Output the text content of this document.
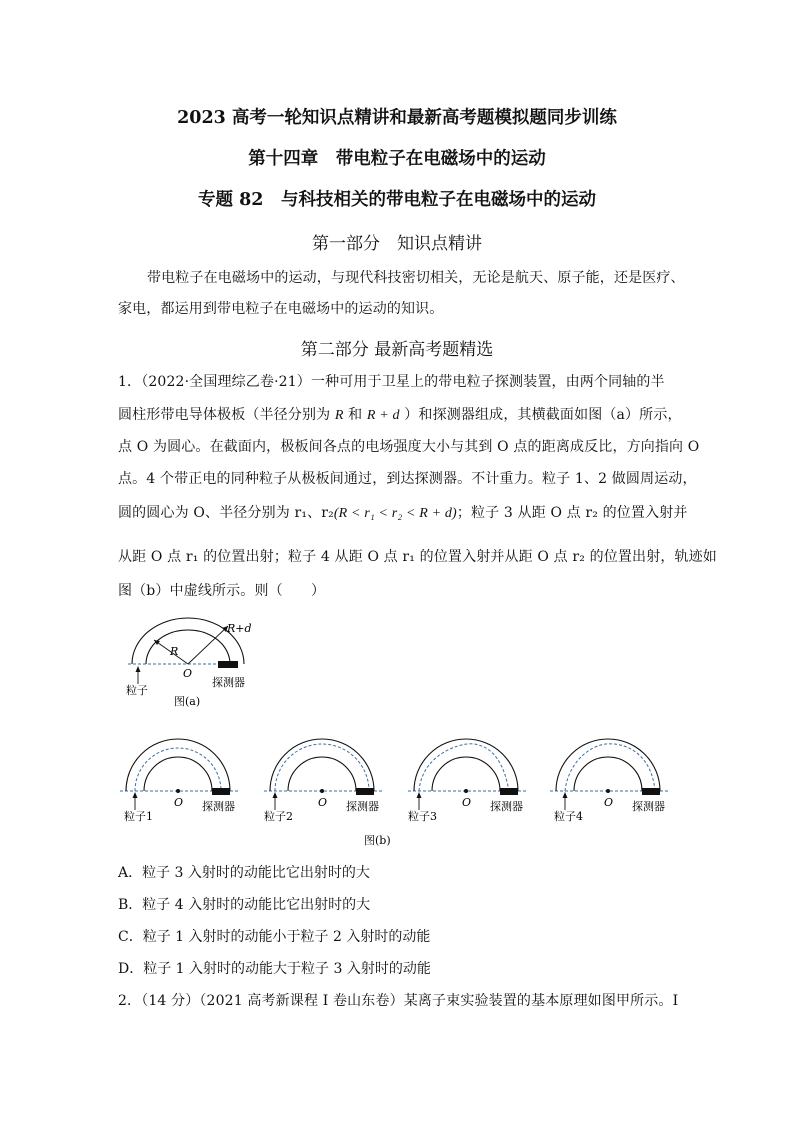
2023 高考一轮知识点精讲和最新高考题模拟题同步训练
第十四章　带电粒子在电磁场中的运动
专题 82　与科技相关的带电粒子在电磁场中的运动
第一部分　知识点精讲
带电粒子在电磁场中的运动，与现代科技密切相关，无论是航天、原子能，还是医疗、
家电，都运用到带电粒子在电磁场中的运动的知识。
第二部分 最新高考题精选
1．（2022·全国理综乙卷·21）一种可用于卫星上的带电粒子探测装置，由两个同轴的半
圆柱形带电导体极板（半径分别为 R 和 R + d ）和探测器组成，其横截面如图（a）所示，
点 O 为圆心。在截面内，极板间各点的电场强度大小与其到 O 点的距离成反比，方向指向 O
点。4 个带正电的同种粒子从极板间通过，到达探测器。不计重力。粒子 1、2 做圆周运动，
圆的圆心为 O、半径分别为 r₁、r₂(R < r₁ < r₂ < R + d)；粒子 3 从距 O 点 r₂ 的位置入射并
从距 O 点 r₁ 的位置出射；粒子 4 从距 O 点 r₁ 的位置入射并从距 O 点 r₂ 的位置出射，轨迹如
图（b）中虚线所示。则（　　）
R
R+d
O
粒子
探测器
图(a)
O
粒子1
探测器	O
粒子2
探测器	O
粒子3
探测器	O
粒子4
探测器
图(b)
A．粒子 3 入射时的动能比它出射时的大
B．粒子 4 入射时的动能比它出射时的大
C．粒子 1 入射时的动能小于粒子 2 入射时的动能
D．粒子 1 入射时的动能大于粒子 3 入射时的动能
2．（14 分）（2021 高考新课程 I 卷山东卷）某离子束实验装置的基本原理如图甲所示。I
